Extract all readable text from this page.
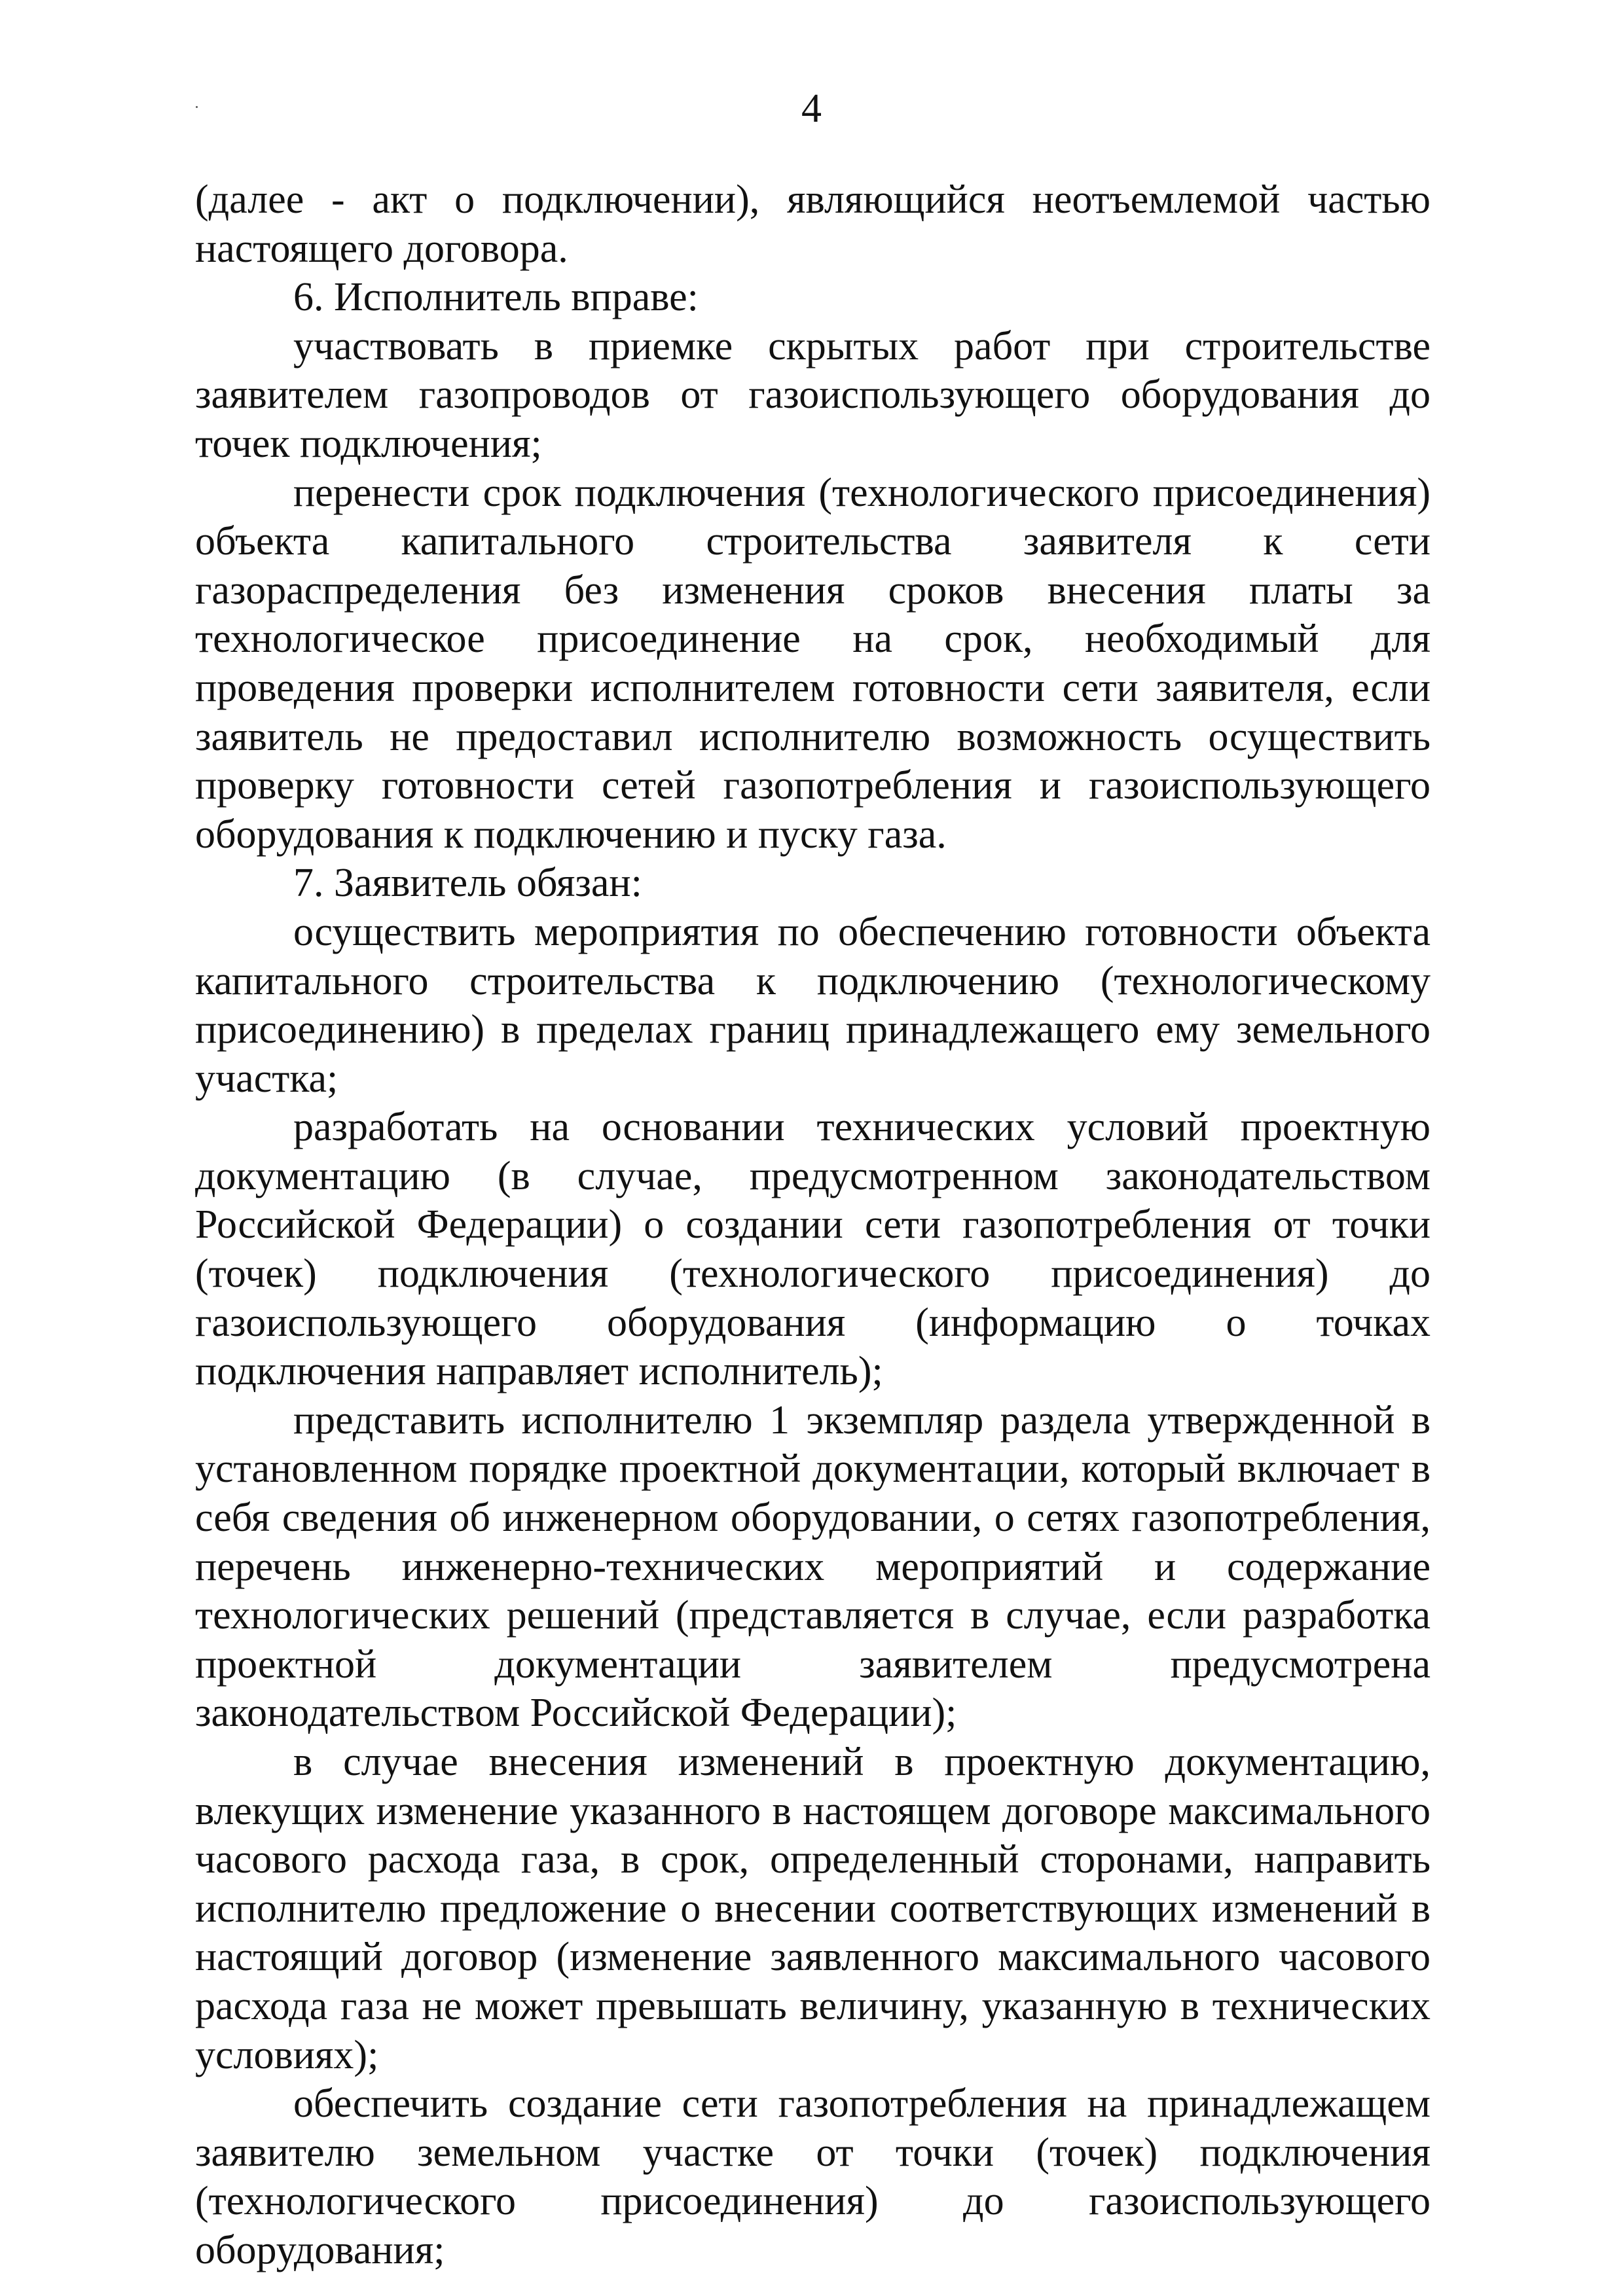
4

(далее - акт о подключении), являющийся неотъемлемой частью настоящего договора.

6. Исполнитель вправе:

участвовать в приемке скрытых работ при строительстве заявителем газопроводов от газоиспользующего оборудования до точек подключения;

перенести срок подключения (технологического присоединения) объекта капитального строительства заявителя к сети газораспределения без изменения сроков внесения платы за технологическое присоединение на срок, необходимый для проведения проверки исполнителем готовности сети заявителя, если заявитель не предоставил исполнителю возможность осуществить проверку готовности сетей газопотребления и газоиспользующего оборудования к подключению и пуску газа.

7. Заявитель обязан:

осуществить мероприятия по обеспечению готовности объекта капитального строительства к подключению (технологическому присоединению) в пределах границ принадлежащего ему земельного участка;

разработать на основании технических условий проектную документацию (в случае, предусмотренном законодательством Российской Федерации) о создании сети газопотребления от точки (точек) подключения (технологического присоединения) до газоиспользующего оборудования (информацию о точках подключения направляет исполнитель);

представить исполнителю 1 экземпляр раздела утвержденной в установленном порядке проектной документации, который включает в себя сведения об инженерном оборудовании, о сетях газопотребления, перечень инженерно-технических мероприятий и содержание технологических решений (представляется в случае, если разработка проектной документации заявителем предусмотрена законодательством Российской Федерации);

в случае внесения изменений в проектную документацию, влекущих изменение указанного в настоящем договоре максимального часового расхода газа, в срок, определенный сторонами, направить исполнителю предложение о внесении соответствующих изменений в настоящий договор (изменение заявленного максимального часового расхода газа не может превышать величину, указанную в технических условиях);

обеспечить создание сети газопотребления на принадлежащем заявителю земельном участке от точки (точек) подключения (технологического присоединения) до газоиспользующего оборудования;
